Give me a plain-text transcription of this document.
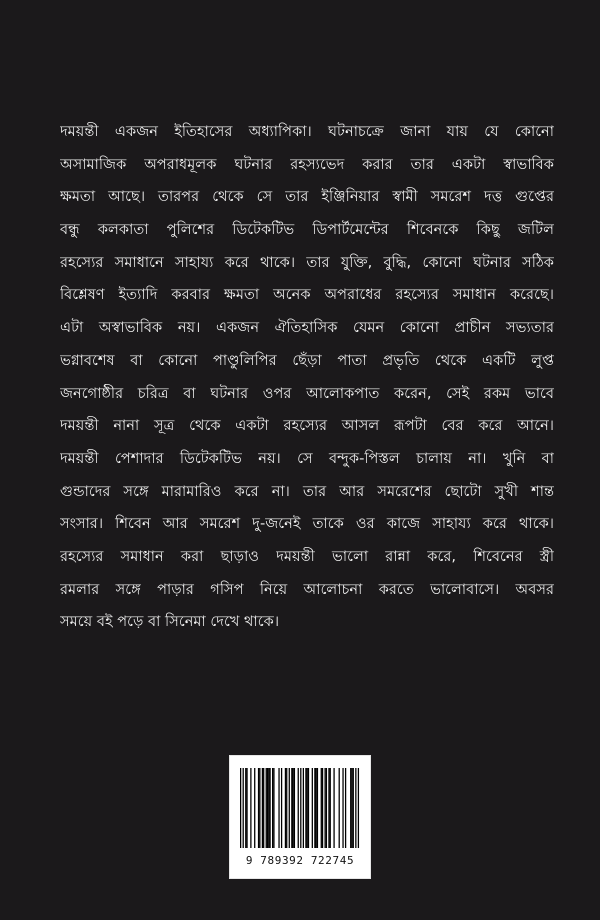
দময়ন্তী একজন ইতিহাসের অধ্যাপিকা। ঘটনাচক্রে জানা যায় যে কোনো
অসামাজিক অপরাধমূলক ঘটনার রহস্যভেদ করার তার একটা স্বাভাবিক
ক্ষমতা আছে। তারপর থেকে সে তার ইঞ্জিনিয়ার স্বামী সমরেশ দত্ত গুপ্তের
বন্ধু কলকাতা পুলিশের ডিটেকটিভ ডিপার্টমেন্টের শিবেনকে কিছু জটিল
রহস্যের সমাধানে সাহায্য করে থাকে। তার যুক্তি, বুদ্ধি, কোনো ঘটনার সঠিক
বিশ্লেষণ ইত্যাদি করবার ক্ষমতা অনেক অপরাধের রহস্যের সমাধান করেছে।
এটা অস্বাভাবিক নয়। একজন ঐতিহাসিক যেমন কোনো প্রাচীন সভ্যতার
ভগ্নাবশেষ বা কোনো পাণ্ডুলিপির ছেঁড়া পাতা প্রভৃতি থেকে একটি লুপ্ত
জনগোষ্ঠীর চরিত্র বা ঘটনার ওপর আলোকপাত করেন, সেই রকম ভাবে
দময়ন্তী নানা সূত্র থেকে একটা রহস্যের আসল রূপটা বের করে আনে।
দময়ন্তী পেশাদার ডিটেকটিভ নয়। সে বন্দুক-পিস্তল চালায় না। খুনি বা
গুন্ডাদের সঙ্গে মারামারিও করে না। তার আর সমরেশের ছোটো সুখী শান্ত
সংসার। শিবেন আর সমরেশ দু-জনেই তাকে ওর কাজে সাহায্য করে থাকে।
রহস্যের সমাধান করা ছাড়াও দময়ন্তী ভালো রান্না করে, শিবেনের স্ত্রী
রমলার সঙ্গে পাড়ার গসিপ নিয়ে আলোচনা করতে ভালোবাসে। অবসর
সময়ে বই পড়ে বা সিনেমা দেখে থাকে।
9 789392 722745
